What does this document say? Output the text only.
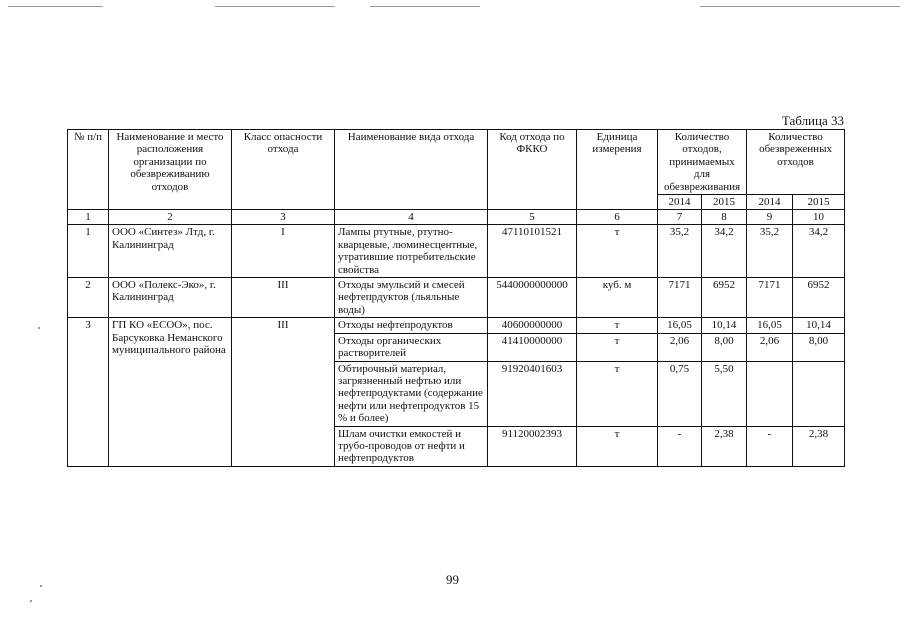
Таблица 33
№ п/п	Наименование и место расположения организации по обезвреживанию отходов	Класс опасности отхода	Наименование вида отхода	Код отхода по ФККО	Единица измерения	Количество отходов, принимаемых для обезвреживания		Количество обезвреженных отходов	
						2014	2015	2014	2015
1	2	3	4	5	6	7	8	9	10
1	ООО «Синтез» Лтд, г. Калининград	I	Лампы ртутные, ртутно-кварцевые, люминесцентные, утратившие потребительские свойства	47110101521	т	35,2	34,2	35,2	34,2
2	ООО «Полекс-Эко», г. Калининград	III	Отходы эмульсий и смесей нефтепрдуктов (льяльные воды)	5440000000000	куб. м	7171	6952	7171	6952
3	ГП КО «ЕСОО», пос. Барсуковка Неманского муниципального района	III	Отходы нефтепродуктов	40600000000	т	16,05	10,14	16,05	10,14
			Отходы органических растворителей	41410000000	т	2,06	8,00	2,06	8,00
			Обтирочный материал, загрязненный нефтью или нефтепродуктами (содержание нефти или нефтепродуктов 15 % и более)	91920401603	т	0,75	5,50		
			Шлам очистки емкостей и трубо-проводов от нефти и нефтепродуктов	91120002393	т	-	2,38	-	2,38
99
